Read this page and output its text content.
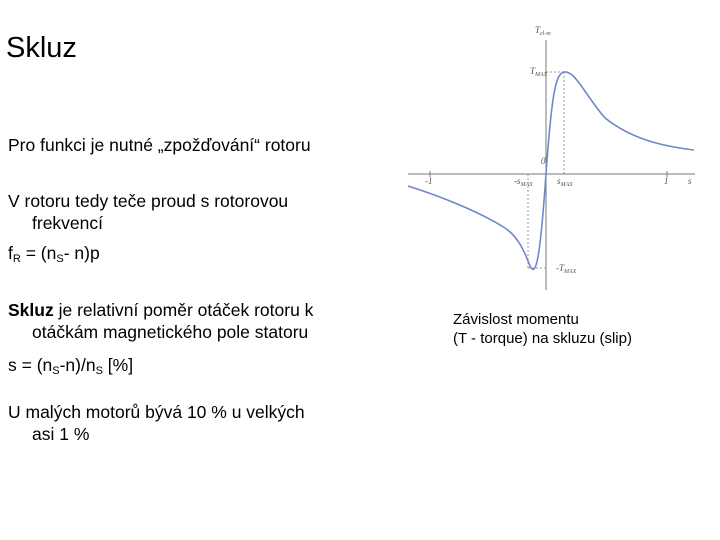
Skluz
Pro funkci je nutné „zpožďování“ rotoru
V rotoru tedy teče proud s rotorovou
frekvencí
$f_R = (n_S-$ n)p
Skluz je relativní poměr otáček rotoru k
otáčkám magnetického pole statoru
$s = (n_S-n)/n_S$ [%]
U malých motorů bývá 10 % u velkých
asi 1 %
$T_{el-m}$
$T_{MAX}$
$-T_{MAX}$
0
$-s_{MAX}$	$s_{MAX}$
-1	1 s
Závislost momentu
(T - torque) na skluzu (slip)
